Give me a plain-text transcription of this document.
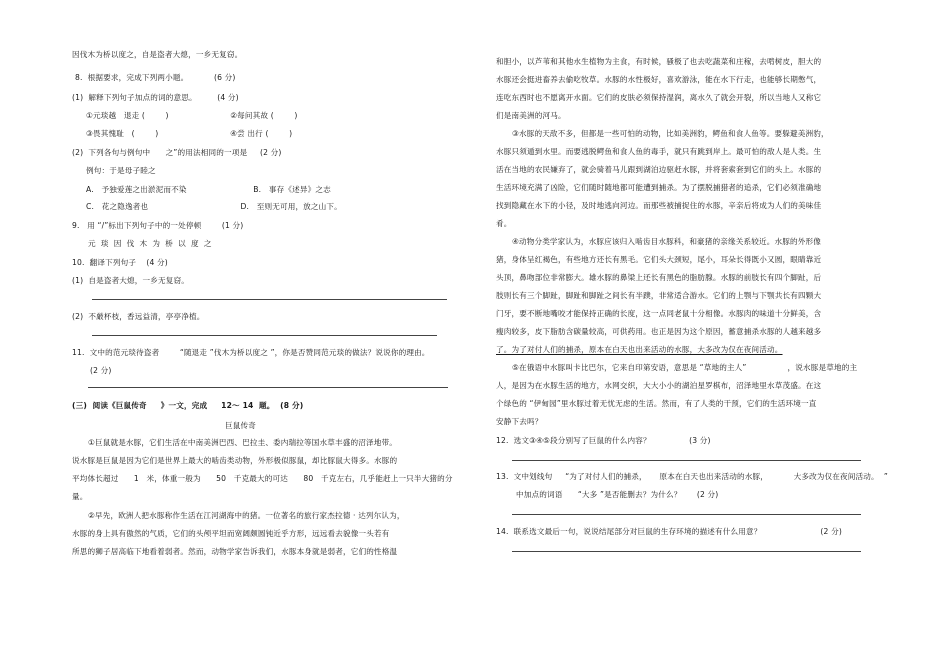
因伐木为桥以度之，自是盗者大熄，一乡无复窃。
8.  根据要求，完成下列两小题。          (6 分)
(1)  解释下列句子加点的词的意思。        (4 分)
①元琰越   退走 (        )                        ②每问其故 (        )
③畏其愧耻   (        )                            ④尝 出行 (        )
(2)  下列各句与例句中      之”的用法相同的一项是     (2 分)
例句：于是母子睦之
A.   予独爱莲之出淤泥而不染                          B.   事存《述异》之志
C.   花之隐逸者也                                    D.   至则无可用，放之山下。
9.   用 “/”标出下列句子中的一处停顿        (1 分)
元  琰  因  伐  木  为  桥  以  度  之
10.  翻译下列句子    (4 分)
(1)  自是盗者大熄，一乡无复窃。
(2)  不厳杯枝，香远益清，亭亭净植。
11.  文中的范元琰待盗者        “随退走 ”伐木为桥以度之 ”，你是否赞同范元琰的做法？说说你的理由。
(2 分)
(三)  阅读《巨鼠传奇     》一文，完成     12～ 14  题。  (8 分)
巨鼠传奇
①巨鼠就是水豚，它们生活在中南美洲巴西、巴拉圭、委内瑞拉等国水草丰盛的沼泽地带。
说水豚是巨鼠是因为它们是世界上最大的啮齿类动物，外形极似豚鼠，却比豚鼠大得多。水豚的
平均体长超过      1   米，体重一般为      50   千克最大的可达      80   千克左右，几乎能赶上一只半大猪的分
量。
②早先，欧洲人把水豚称作生活在江河湖海中的猪。一位著名的旅行家杰拉德 · 达列尔认为，
水豚的身上具有傲然的气质，它们的头颅平坦而宽阔颇圆钝近乎方形，远远看去貌像一头若有
所思的狮子居高临下地看着弱者。然而，动物学家告诉我们，水豚本身就是弱者，它们的性格温
和胆小，以芦苇和其他水生植物为主食，有时候，骚极了也去吃蔬菜和庄稼，去啃树皮，胆大的
水豚还会挺进畜养去偷吃牧草。水豚的水性极好，喜欢游泳，能在水下行走，也能够长期憋气，
连吃东西时也不愿离开水面。它们的皮肤必须保持湿润，离水久了就会开裂，所以当地人又称它
们是南美洲的河马。
③水豚的天敌不多，但都是一些可怕的动物，比如美洲豹，鳄鱼和食人鱼等。要躲避美洲豹，
水豚只须遁到水里。而要逃脱鳄鱼和食人鱼的毒手，就只有跳到岸上。最可怕的敌人是人类。生
活在当地的农民嫌弃了，就会骑着马儿跟到湖泊边驱赶水豚，并将套索套到它们的头上。水豚的
生活环境充满了凶险，它们随时随地都可能遭到捕杀。为了摆脱捕猎者的追杀，它们必须准确地
找到隐藏在水下的小径，及时地逃向河边。而那些被捕捉住的水豚，辛亲后将成为人们的美味佳
肴。
④动物分类学家认为，水豚应该归入啮齿目水豚科，和豪猪的亲缘关系较近。水豚的外形像
猪，身体呈红褐色，有些地方还长有黑毛。它们头大颈短，尾小，耳朵长得既小又圆，眼睛靠近
头顶，鼻吻部位非常膨大。雄水豚的鼻梁上还长有黑色的脂肪腺。水豚的前肢长有四个脚趾，后
肢则长有三个脚趾，脚趾和脚趾之间长有半蹼，非常适合游水。它们的上颚与下颚共长有四颗大
门牙，要不断地嘴咬才能保持正确的长度，这一点同老鼠十分相像。水豚肉的味道十分鲜美，含
瘦肉较多，皮下脂肪含碳量较高，可供药用。也正是因为这个原因，蓄意捕杀水豚的人越来越多
了。为了对付人们的捕杀，原本在白天也出来活动的水豚，大多改为仅在夜间活动。
⑤在俄语中水豚叫卡比巴尔，它来自印第安语，意思是 “草地的主人”                ，说水豚是草地的主
人，是因为在水豚生活的地方，水网交织，大大小小的湖泊星罗棋布，沼泽地里水草茂盛。在这
个绿色的 “伊甸园”里水豚过着无忧无虑的生活。然而，有了人类的干预，它们的生活环境一直
安静下去吗？
12.  选文③④⑤段分别写了巨鼠的什么内容？               (3 分)
13.  文中划线句     “为了对付人们的捕杀，     原本在白天也出来活动的水豚，          大多改为仅在夜间活动。  ”
中加点的词语      “大多 ”是否能删去？为什么？      (2 分)
14.  联系选文最后一句，说说结尾部分对巨鼠的生存环境的描述有什么用意？                       (2 分)
